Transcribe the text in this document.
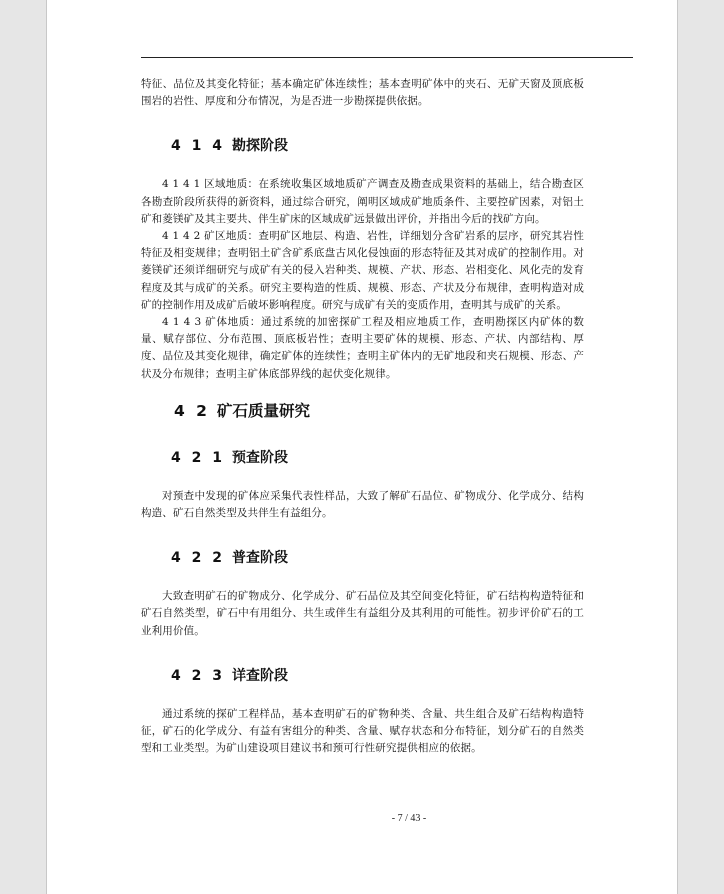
- 7 / 43 -

特征、品位及其变化特征；基本确定矿体连续性；基本查明矿体中的夹石、无矿天窗及顶底板围岩的岩性、厚度和分布情况，为是否进一步勘探提供依据。

4 1 4 勘探阶段

4 1 4 1 区域地质：在系统收集区域地质矿产调查及勘查成果资料的基础上，结合勘查区各勘查阶段所获得的新资料，通过综合研究，阐明区域成矿地质条件、主要控矿因素，对铝土矿和菱镁矿及其主要共、伴生矿床的区域成矿远景做出评价，并指出今后的找矿方向。

4 1 4 2 矿区地质：查明矿区地层、构造、岩性，详细划分含矿岩系的层序，研究其岩性特征及相变规律；查明铝土矿含矿系底盘古风化侵蚀面的形态特征及其对成矿的控制作用。对菱镁矿还须详细研究与成矿有关的侵入岩种类、规模、产状、形态、岩相变化、风化壳的发育程度及其与成矿的关系。研究主要构造的性质、规模、形态、产状及分布规律，查明构造对成矿的控制作用及成矿后破坏影响程度。研究与成矿有关的变质作用，查明其与成矿的关系。

4 1 4 3 矿体地质：通过系统的加密探矿工程及相应地质工作，查明勘探区内矿体的数量、赋存部位、分布范围、顶底板岩性；查明主要矿体的规模、形态、产状、内部结构、厚度、品位及其变化规律，确定矿体的连续性；查明主矿体内的无矿地段和夹石规模、形态、产状及分布规律；查明主矿体底部界线的起伏变化规律。

4 2 矿石质量研究
4 2 1 预查阶段

对预查中发现的矿体应采集代表性样品，大致了解矿石品位、矿物成分、化学成分、结构构造、矿石自然类型及共伴生有益组分。

4 2 2 普查阶段

大致查明矿石的矿物成分、化学成分、矿石品位及其空间变化特征，矿石结构构造特征和矿石自然类型，矿石中有用组分、共生或伴生有益组分及其利用的可能性。初步评价矿石的工业利用价值。

4 2 3 详查阶段

通过系统的探矿工程样品，基本查明矿石的矿物种类、含量、共生组合及矿石结构构造特征，矿石的化学成分、有益有害组分的种类、含量、赋存状态和分布特征，划分矿石的自然类型和工业类型。为矿山建设项目建议书和预可行性研究提供相应的依据。
